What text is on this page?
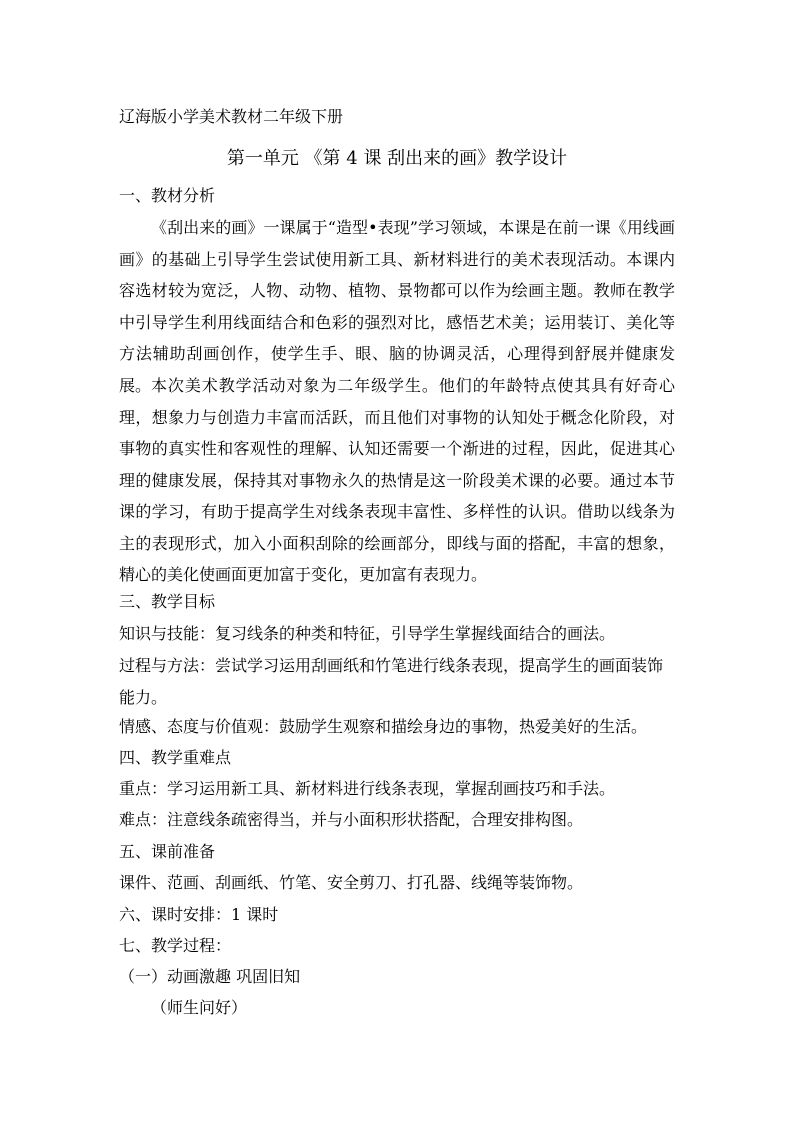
辽海版小学美术教材二年级下册
第一单元 《第 4 课 刮出来的画》教学设计
一、教材分析

《刮出来的画》一课属于“造型•表现”学习领域，本课是在前一课《用线画画》的基础上引导学生尝试使用新工具、新材料进行的美术表现活动。本课内容选材较为宽泛，人物、动物、植物、景物都可以作为绘画主题。教师在教学中引导学生利用线面结合和色彩的强烈对比，感悟艺术美；运用装订、美化等方法辅助刮画创作，使学生手、眼、脑的协调灵活，心理得到舒展并健康发展。 本次美术教学活动对象为二年级学生。他们的年龄特点使其具有好奇心理，想象力与创造力丰富而活跃，而且他们对事物的认知处于概念化阶段，对事物的真实性和客观性的理解、认知还需要一个渐进的过程，因此，促进其心理的健康发展，保持其对事物永久的热情是这一阶段美术课的必要。通过本节课的学习，有助于提高学生对线条表现丰富性、多样性的认识。借助以线条为主的表现形式，加入小面积刮除的绘画部分，即线与面的搭配，丰富的想象，精心的美化使画面更加富于变化，更加富有表现力。

三、教学目标
知识与技能：复习线条的种类和特征，引导学生掌握线面结合的画法。

过程与方法：尝试学习运用刮画纸和竹笔进行线条表现，提高学生的画面装饰能力。

情感、态度与价值观：鼓励学生观察和描绘身边的事物，热爱美好的生活。
四、教学重难点
重点：学习运用新工具、新材料进行线条表现，掌握刮画技巧和手法。
难点：注意线条疏密得当，并与小面积形状搭配，合理安排构图。
五、课前准备
课件、范画、刮画纸、竹笔、安全剪刀、打孔器、线绳等装饰物。
六、课时安排：1 课时
七、教学过程：
（一）动画激趣 巩固旧知
（师生问好）
